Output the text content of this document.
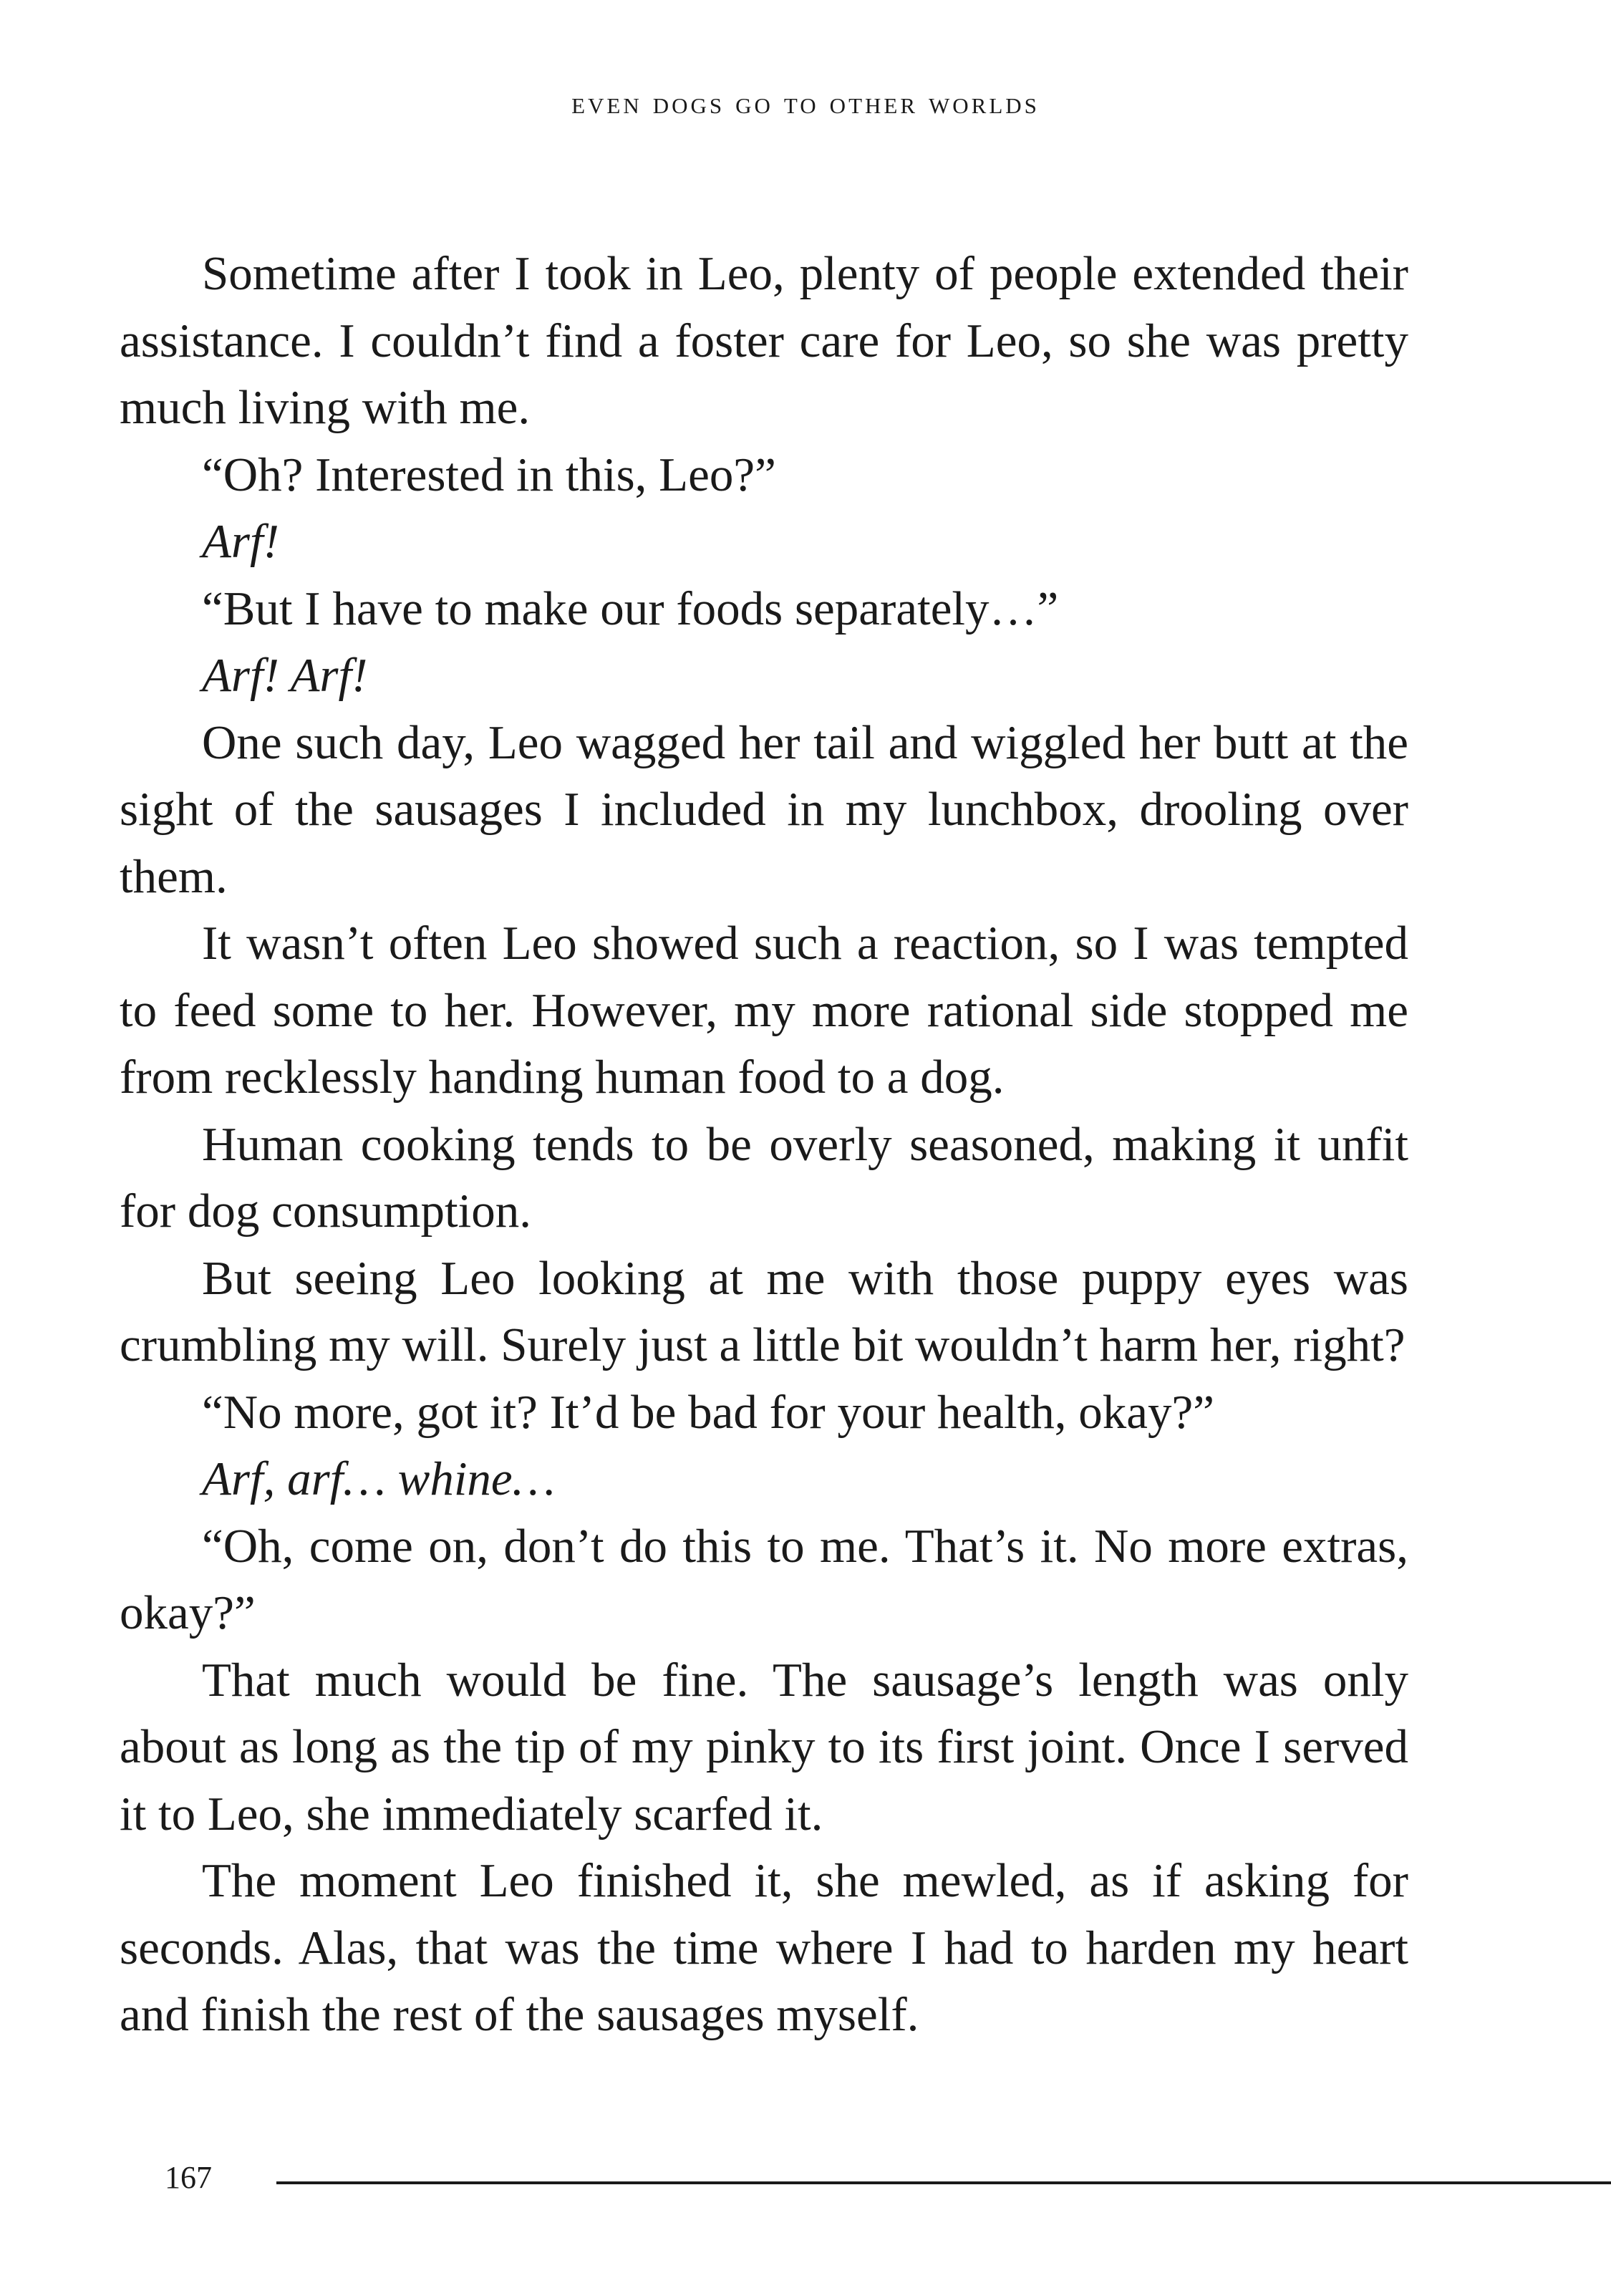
even dogs go to other worlds

Sometime after I took in Leo, plenty of people extended their assistance. I couldn’t find a foster care for Leo, so she was pretty much living with me.

“Oh? Interested in this, Leo?”

Arf!

“But I have to make our foods separately…”

Arf! Arf!

One such day, Leo wagged her tail and wiggled her butt at the sight of the sausages I included in my lunchbox, drooling over them.

It wasn’t often Leo showed such a reaction, so I was tempted to feed some to her. However, my more rational side stopped me from recklessly handing human food to a dog.

Human cooking tends to be overly seasoned, making it unfit for dog consumption.

But seeing Leo looking at me with those puppy eyes was crumbling my will. Surely just a little bit wouldn’t harm her, right?

“No more, got it? It’d be bad for your health, okay?”

Arf, arf… whine…

“Oh, come on, don’t do this to me. That’s it. No more extras, okay?”

That much would be fine. The sausage’s length was only about as long as the tip of my pinky to its first joint. Once I served it to Leo, she immediately scarfed it.

The moment Leo finished it, she mewled, as if asking for seconds. Alas, that was the time where I had to harden my heart and finish the rest of the sausages myself.

167
